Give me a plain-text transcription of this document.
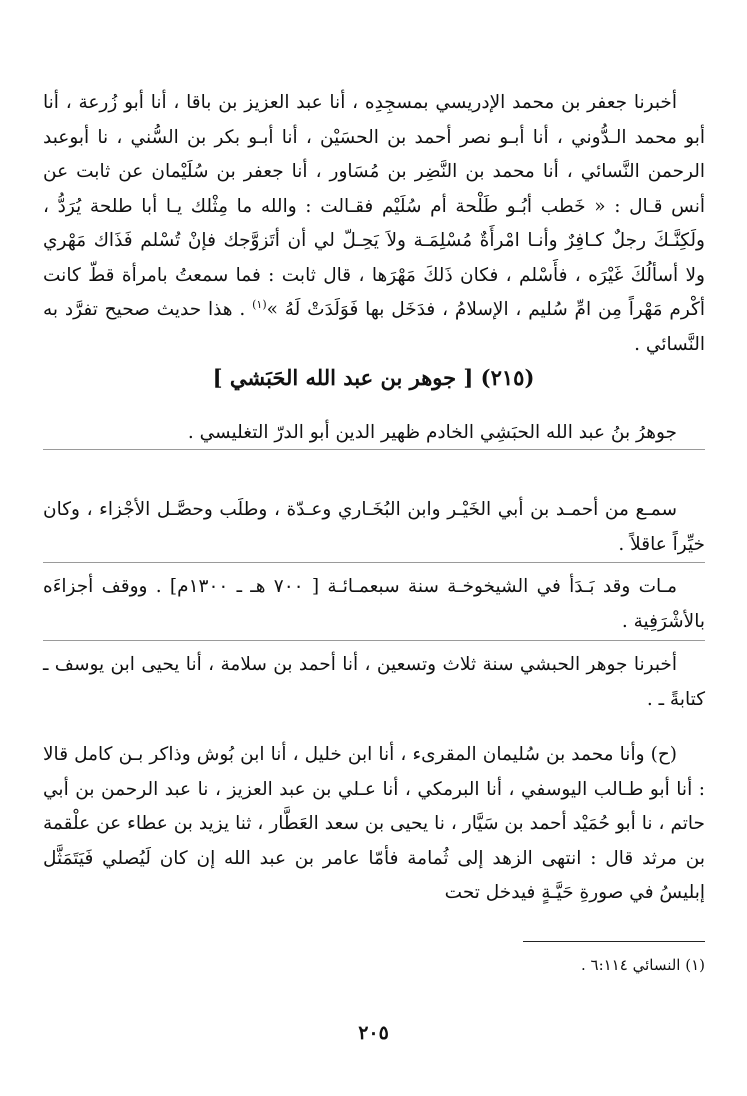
أخبرنا جعفر بن محمد الإدريسي بمسجِدِه ، أنا عبد العزيز بن باقا ، أنا أبو زُرعة ، أنا أبو محمد الـدُّوني ، أنا أبـو نصر أحمد بن الحسَيْن ، أنا أبـو بكر بن السُّني ، نا أبوعبد الرحمن النَّسائي ، أنا محمد بن النَّضِر بن مُسَاور ، أنا جعفر بن سُلَيْمان عن ثابت عن أنس قـال : « خَطب أبُـو طَلْحة أم سُلَيْم فقـالت : والله ما مِثْلك يـا أبا طلحة يُرَدُّ ، ولَكِنَّـكَ رجلٌ كـافِرٌ وأنـا امْرأَةٌ مُسْلِمَـة ولاَ يَحِـلّ لي أن أتَزوَّجك فإنْ تُسْلم فَذَاك مَهْري ولا أسألُكَ غَيْرَه ، فأَسْلم ، فكان ذَلكَ مَهْرَها ، قال ثابت : فما سمعتُ بامرأة قطّ كانت أكْرم مَهْراً مِن امِّ سُليم ، الإسلامُ ، فدَخَل بها فَوَلَدَتْ لَهُ »$^{(١)}$ . هذا حديث صحيح تفرَّد به النَّسائي .

(٢١٥) [ جوهر بن عبد الله الحَبَشي ]

جوهرُ بنُ عبد الله الحبَشِي الخادم ظهير الدين أبو الدرّ التغليسي .

سمـع من أحمـد بن أبي الخَيْـر وابن البُخَـاري وعـدّة ، وطلَب وحصَّـل الأجْزاء ، وكان خيِّراً عاقلاً .

مـات وقد بَـدَأ في الشيخوخـة سنة سبعمـائـة [ ٧٠٠ هـ ـ ١٣٠٠م] . ووقف أجزاءَه بالأشْرَفِية .

أخبرنا جوهر الحبشي سنة ثلاث وتسعين ، أنا أحمد بن سلامة ، أنا يحيى ابن يوسف ـ كتابةً ـ .

(ح) وأنا محمد بن سُليمان المقرىء ، أنا ابن خليل ، أنا ابن بُوش وذاكر بـن كامل قالا : أنا أبو طـالب اليوسفي ، أنا البرمكي ، أنا عـلي بن عبد العزيز ، نا عبد الرحمن بن أبي حاتم ، نا أبو حُمَيْد أحمد بن سَيَّار ، نا يحيى بن سعد العَطَّار ، ثنا يزيد بن عطاء عن علْقمة بن مرثد قال : انتهى الزهد إلى ثُمامة فأمّا عامر بن عبد الله إن كان لَيُصلي فَيَتَمَثَّل إبليسُ في صورةِ حَيَّـةٍ فيدخل تحت

(١) النسائي ٦:١١٤ .

٢٠٥
